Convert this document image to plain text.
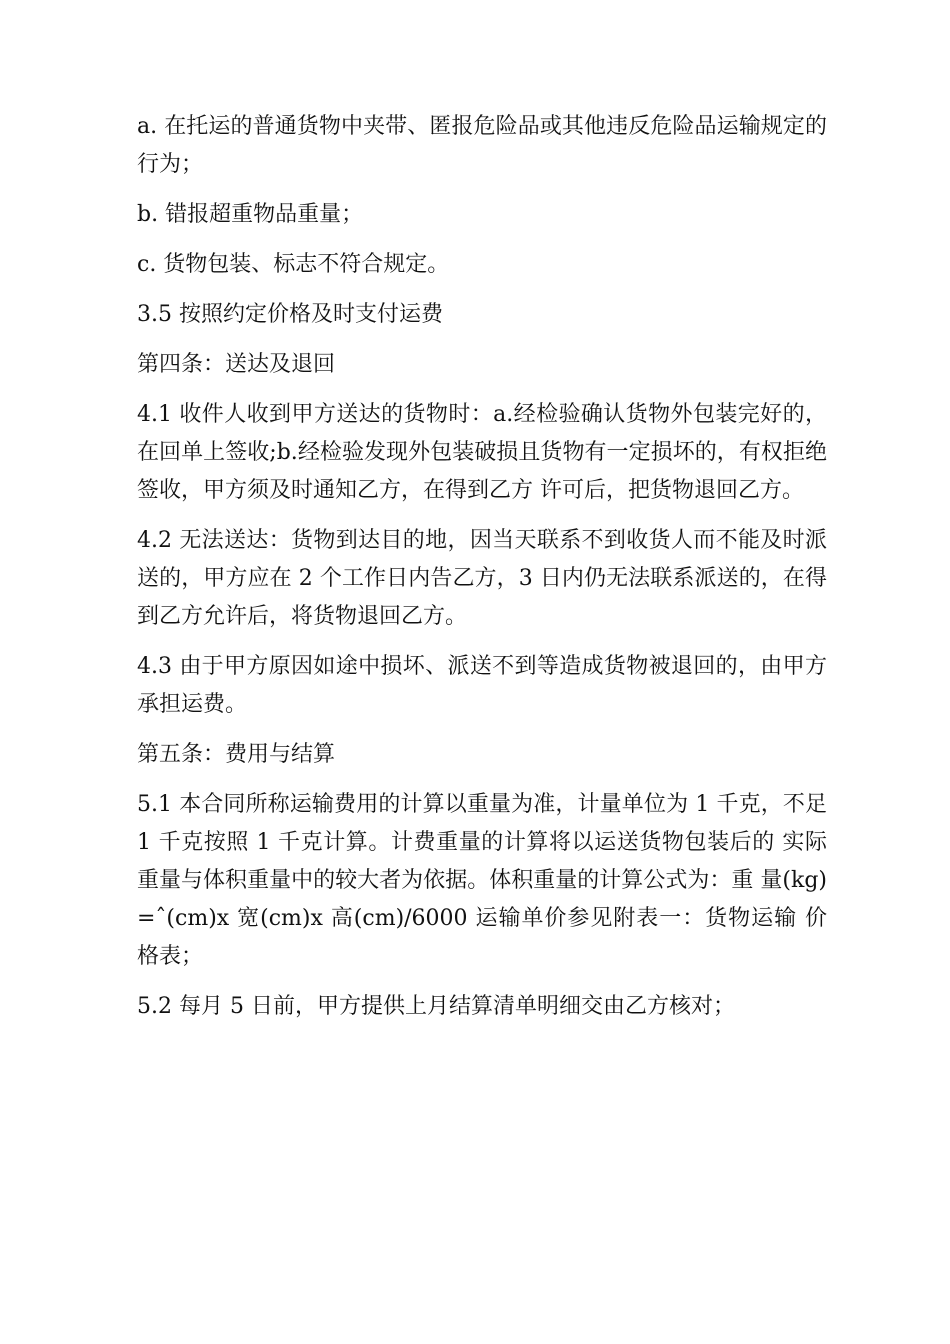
a. 在托运的普通货物中夹带、匿报危险品或其他违反危险品运输规定的行为；

b. 错报超重物品重量；

c. 货物包装、标志不符合规定。

3.5 按照约定价格及时支付运费

第四条：送达及退回

4.1 收件人收到甲方送达的货物时：a.经检验确认货物外包装完好的，在回单上签收;b.经检验发现外包装破损且货物有一定损坏的，有权拒绝签收，甲方须及时通知乙方，在得到乙方 许可后，把货物退回乙方。

4.2 无法送达：货物到达目的地，因当天联系不到收货人而不能及时派送的，甲方应在 2 个工作日内告乙方，3 日内仍无法联系派送的，在得到乙方允许后，将货物退回乙方。

4.3 由于甲方原因如途中损坏、派送不到等造成货物被退回的，由甲方承担运费。

第五条：费用与结算

5.1 本合同所称运输费用的计算以重量为准，计量单位为 1 千克，不足 1 千克按照 1 千克计算。计费重量的计算将以运送货物包装后的 实际重量与体积重量中的较大者为依据。体积重量的计算公式为：重 量(kg)=ˆ(cm)x 宽(cm)x 高(cm)/6000 运输单价参见附表一：货物运输 价格表；

5.2 每月 5 日前，甲方提供上月结算清单明细交由乙方核对；
